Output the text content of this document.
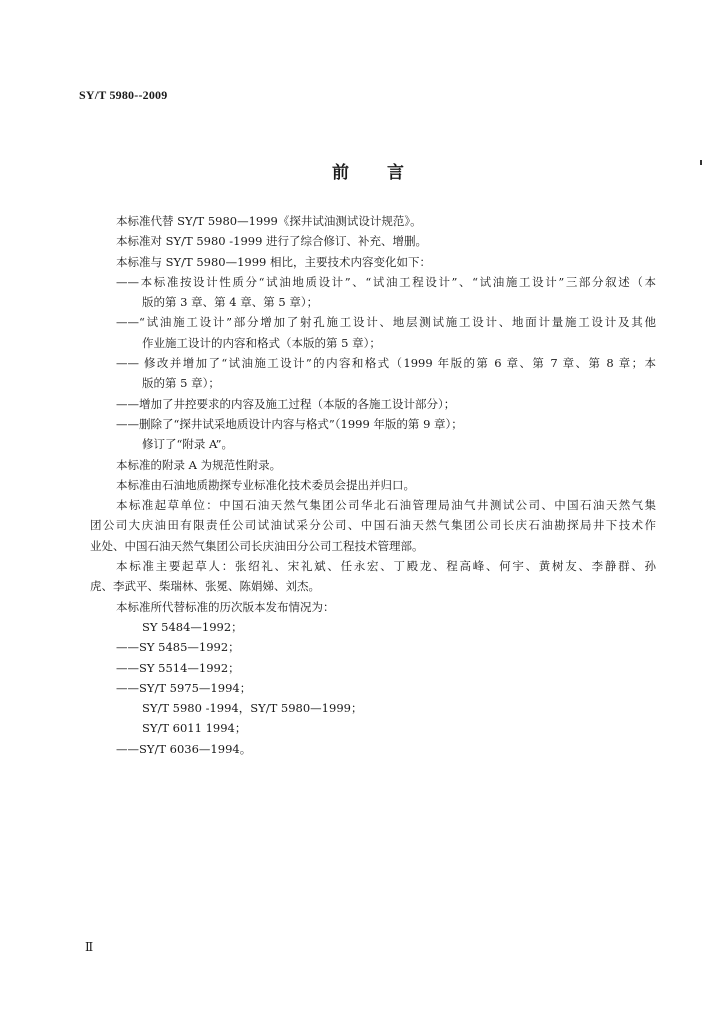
SY/T 5980--2009
前 言
本标准代替 SY/T 5980—1999《探井试油测试设计规范》。
本标准对 SY/T 5980 -1999 进行了综合修订、补充、增删。
本标准与 SY/T 5980—1999 相比，主要技术内容变化如下：
——本标准按设计性质分“试油地质设计”、“试油工程设计”、“试油施工设计”三部分叙述（本
版的第 3 章、第 4 章、第 5 章）；
——“试油施工设计”部分增加了射孔施工设计、地层测试施工设计、地面计量施工设计及其他
作业施工设计的内容和格式（本版的第 5 章）；
—— 修改并增加了“试油施工设计”的内容和格式（1999 年版的第 6 章、第 7 章、第 8 章；本
版的第 5 章）；
——增加了井控要求的内容及施工过程（本版的各施工设计部分）；
——删除了“探井试采地质设计内容与格式”（1999 年版的第 9 章）；
修订了“附录 A”。
本标准的附录 A 为规范性附录。
本标准由石油地质勘探专业标准化技术委员会提出并归口。
本标准起草单位：中国石油天然气集团公司华北石油管理局油气井测试公司、中国石油天然气集
团公司大庆油田有限责任公司试油试采分公司、中国石油天然气集团公司长庆石油勘探局井下技术作
业处、中国石油天然气集团公司长庆油田分公司工程技术管理部。
本标准主要起草人：张绍礼、宋礼斌、任永宏、丁殿龙、程高峰、何宇、黄树友、李静群、孙
虎、李武平、柴瑞林、张冕、陈娟娣、刘杰。
本标准所代替标准的历次版本发布情况为：
SY 5484—1992；
——SY 5485—1992；
——SY 5514—1992；
——SY/T 5975—1994；
SY/T 5980 -1994，SY/T 5980—1999；
SY/T 6011 1994；
——SY/T 6036—1994。
Ⅱ
